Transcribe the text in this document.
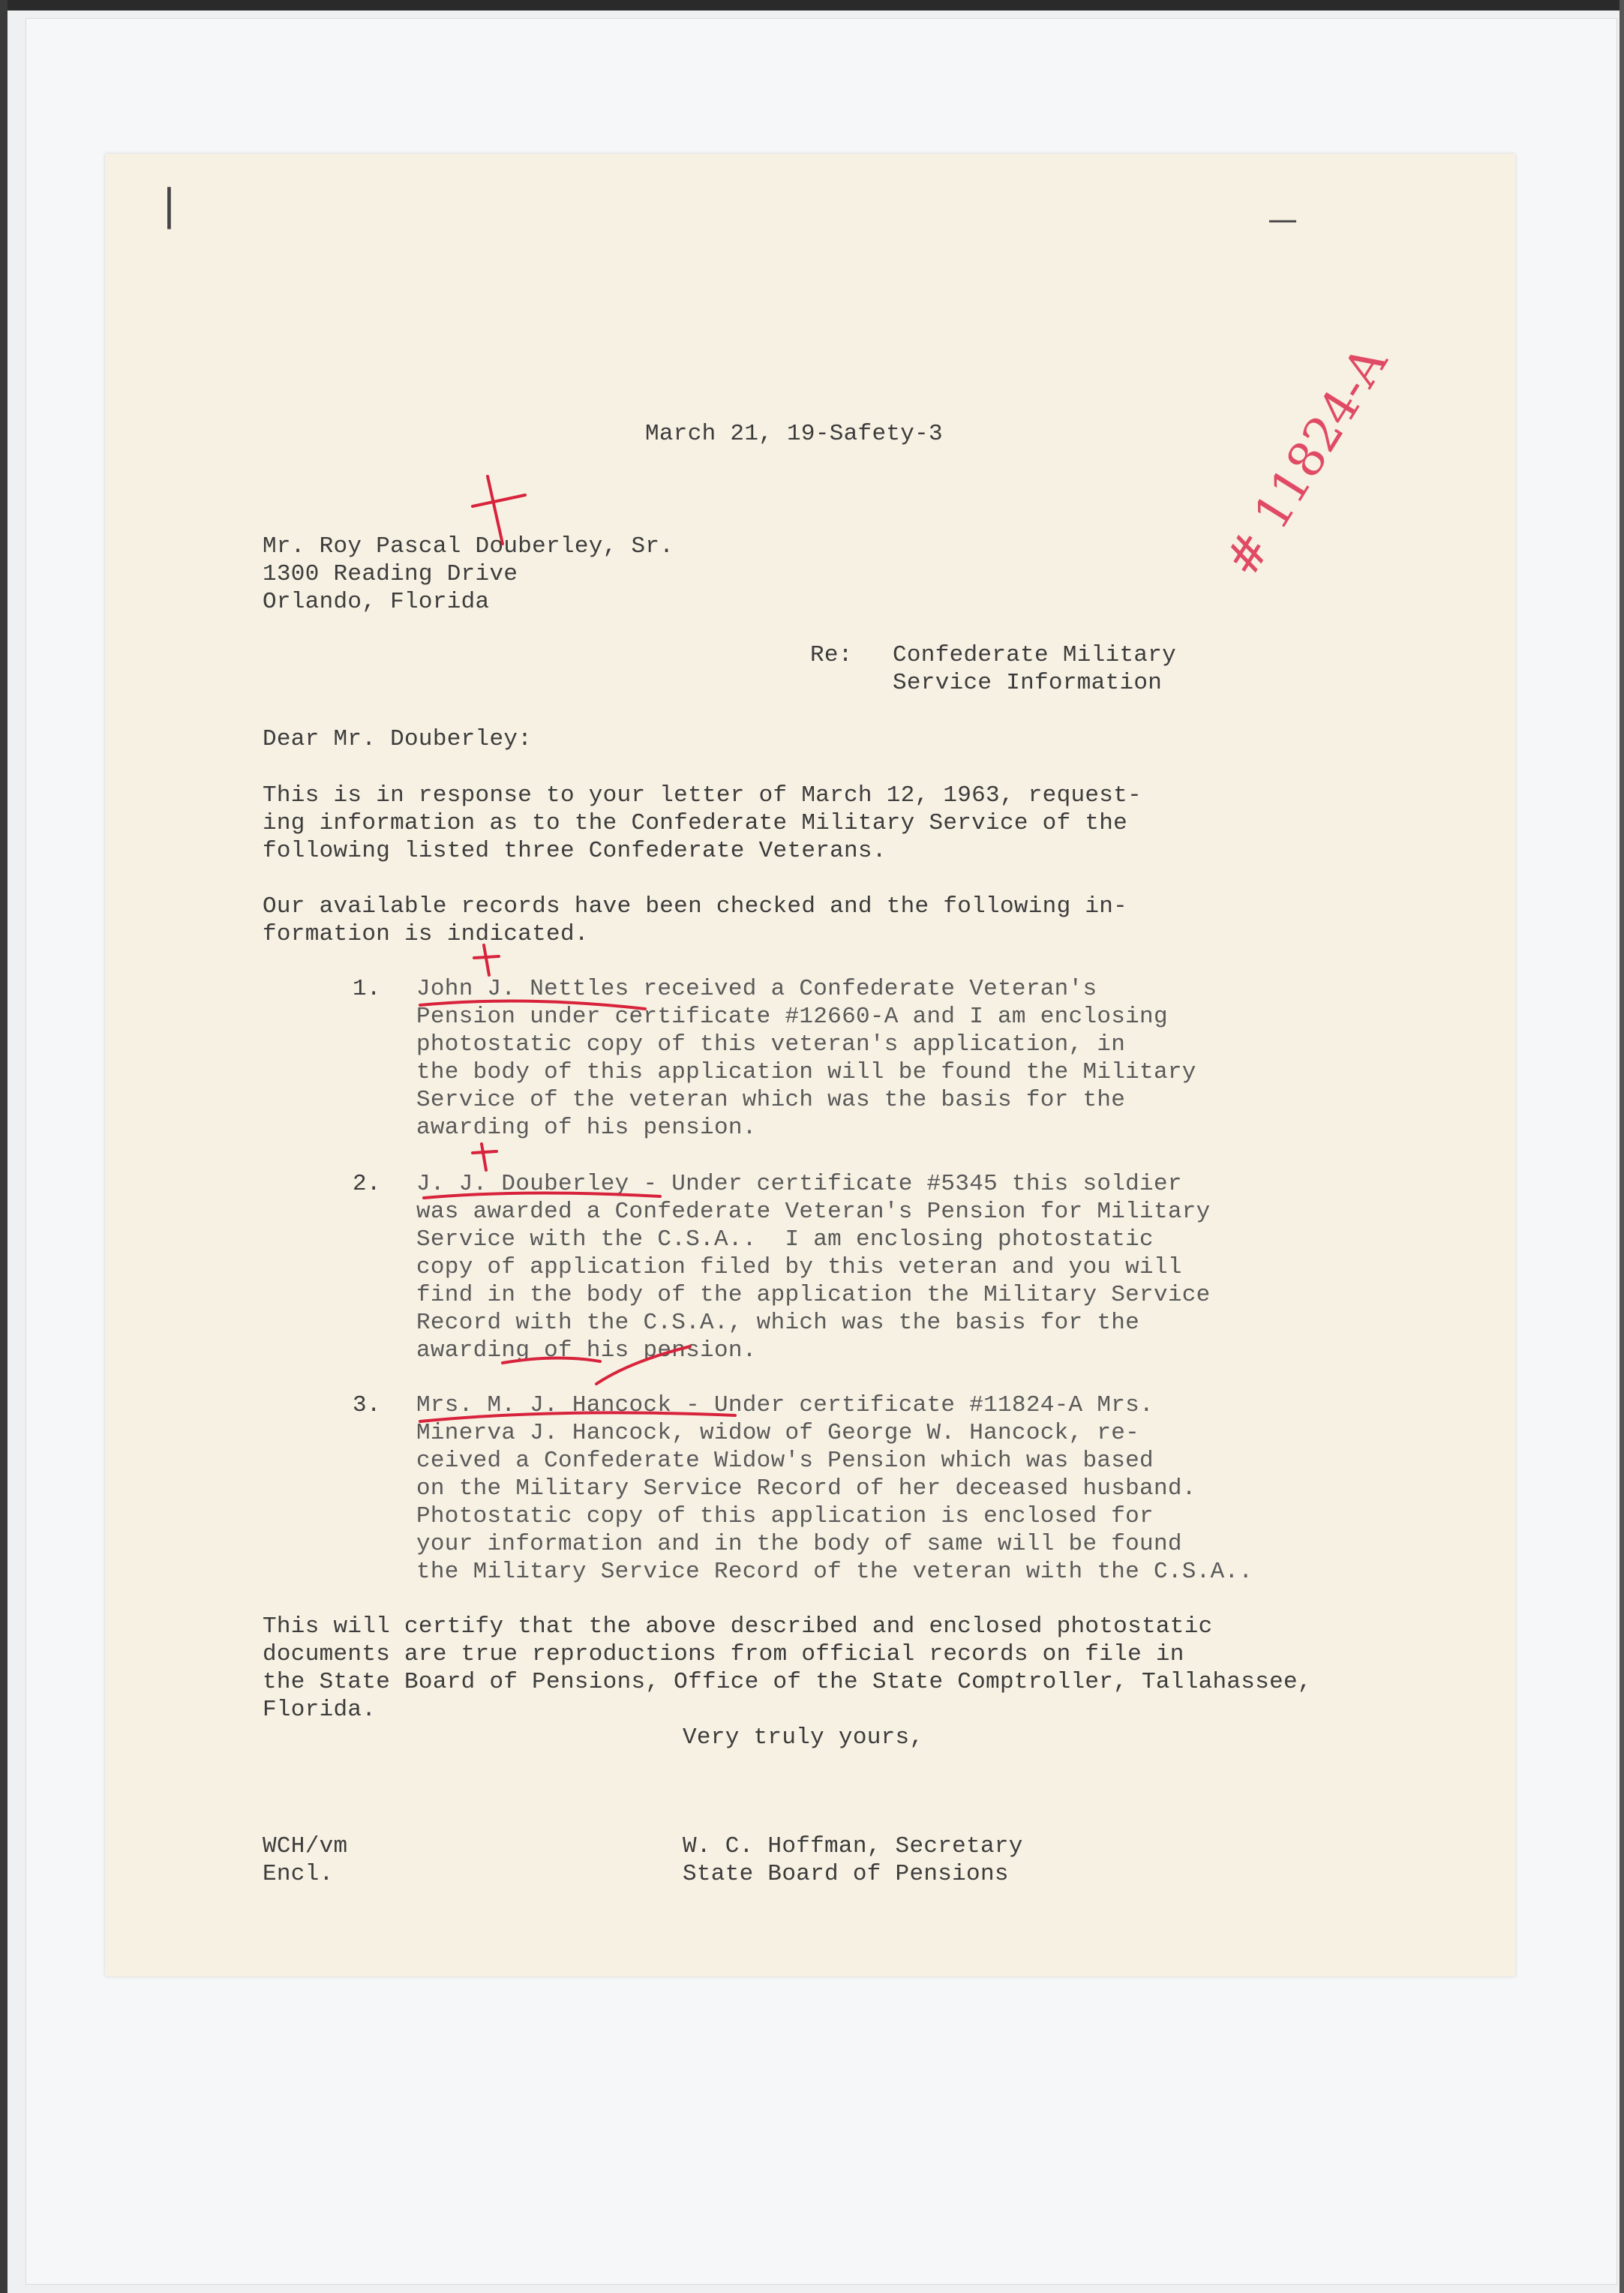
|	—
# 11824-A
March 21, 19-Safety-3
Mr. Roy Pascal Douberley, Sr.
1300 Reading Drive
Orlando, Florida
Re: Confederate Military
Service Information
Dear Mr. Douberley:
This is in response to your letter of March 12, 1963, request-
ing information as to the Confederate Military Service of the
following listed three Confederate Veterans.
Our available records have been checked and the following in-
formation is indicated.
1. John J. Nettles received a Confederate Veteran's
Pension under certificate #12660-A and I am enclosing
photostatic copy of this veteran's application, in
the body of this application will be found the Military
Service of the veteran which was the basis for the
awarding of his pension.
2. J. J. Douberley - Under certificate #5345 this soldier
was awarded a Confederate Veteran's Pension for Military
Service with the C.S.A..  I am enclosing photostatic
copy of application filed by this veteran and you will
find in the body of the application the Military Service
Record with the C.S.A., which was the basis for the
awarding of his pension.
3. Mrs. M. J. Hancock - Under certificate #11824-A Mrs.
Minerva J. Hancock, widow of George W. Hancock, re-
ceived a Confederate Widow's Pension which was based
on the Military Service Record of her deceased husband.
Photostatic copy of this application is enclosed for
your information and in the body of same will be found
the Military Service Record of the veteran with the C.S.A..
This will certify that the above described and enclosed photostatic
documents are true reproductions from official records on file in
the State Board of Pensions, Office of the State Comptroller, Tallahassee,
Florida.
Very truly yours,
WCH/vm
Encl.
W. C. Hoffman, Secretary
State Board of Pensions
